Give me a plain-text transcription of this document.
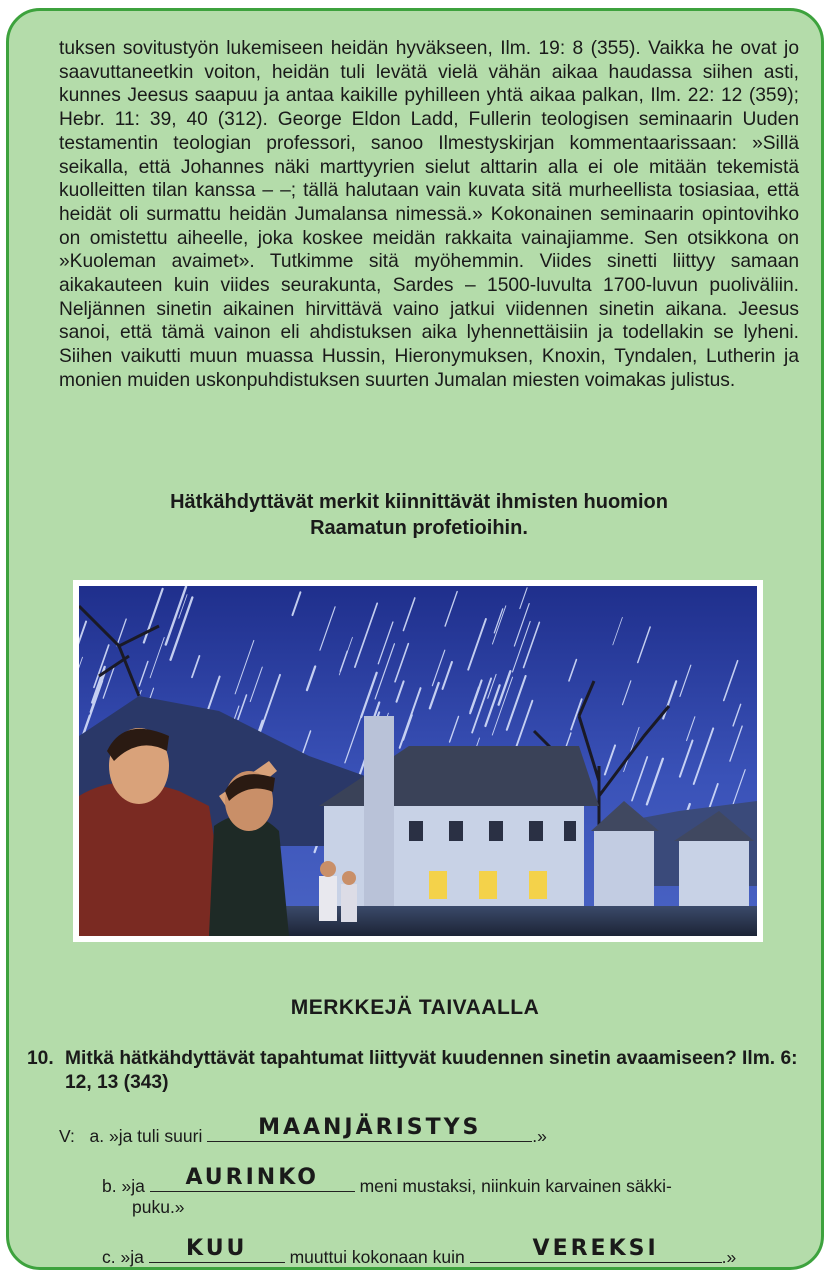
tuksen sovitustyön lukemiseen heidän hyväkseen, Ilm. 19: 8 (355). Vaikka he ovat jo saavuttaneetkin voiton, heidän tuli levätä vielä vähän aikaa haudassa siihen asti, kunnes Jeesus saapuu ja antaa kaikille pyhilleen yhtä aikaa palkan, Ilm. 22: 12 (359); Hebr. 11: 39, 40 (312). George Eldon Ladd, Fullerin teologisen seminaarin Uuden testamentin teologian professori, sanoo Ilmestyskirjan kommentaarissaan: »Sillä seikalla, että Johannes näki marttyyrien sielut alttarin alla ei ole mitään tekemistä kuolleitten tilan kanssa – –; tällä halutaan vain kuvata sitä murheellista tosiasiaa, että heidät oli surmattu heidän Jumalansa nimessä.» Kokonainen seminaarin opintovihko on omistettu aiheelle, joka koskee meidän rakkaita vainajiamme. Sen otsikkona on »Kuoleman avaimet». Tutkimme sitä myöhemmin. Viides sinetti liittyy samaan aikakauteen kuin viides seurakunta, Sardes – 1500-luvulta 1700-luvun puoliväliin. Neljännen sinetin aikainen hirvittävä vaino jatkui viidennen sinetin aikana. Jeesus sanoi, että tämä vainon eli ahdistuksen aika lyhennettäisiin ja todellakin se lyheni. Siihen vaikutti muun muassa Hussin, Hieronymuksen, Knoxin, Tyndalen, Lutherin ja monien muiden uskonpuhdistuksen suurten Jumalan miesten voimakas julistus.

Hätkähdyttävät merkit kiinnittävät ihmisten huomion
Raamatun profetioihin.
MERKKEJÄ TAIVAALLA
10. Mitkä hätkähdyttävät tapahtumat liittyvät kuudennen sinetin avaamiseen? Ilm. 6: 12, 13 (343)
V: a. »ja tuli suuri	MAANJÄRISTYS	.»
b. »ja	AURINKO	meni mustaksi, niinkuin karvainen säkki-
puku.»
c. »ja	KUU	muuttui kokonaan kuin	VEREKSI	.»
